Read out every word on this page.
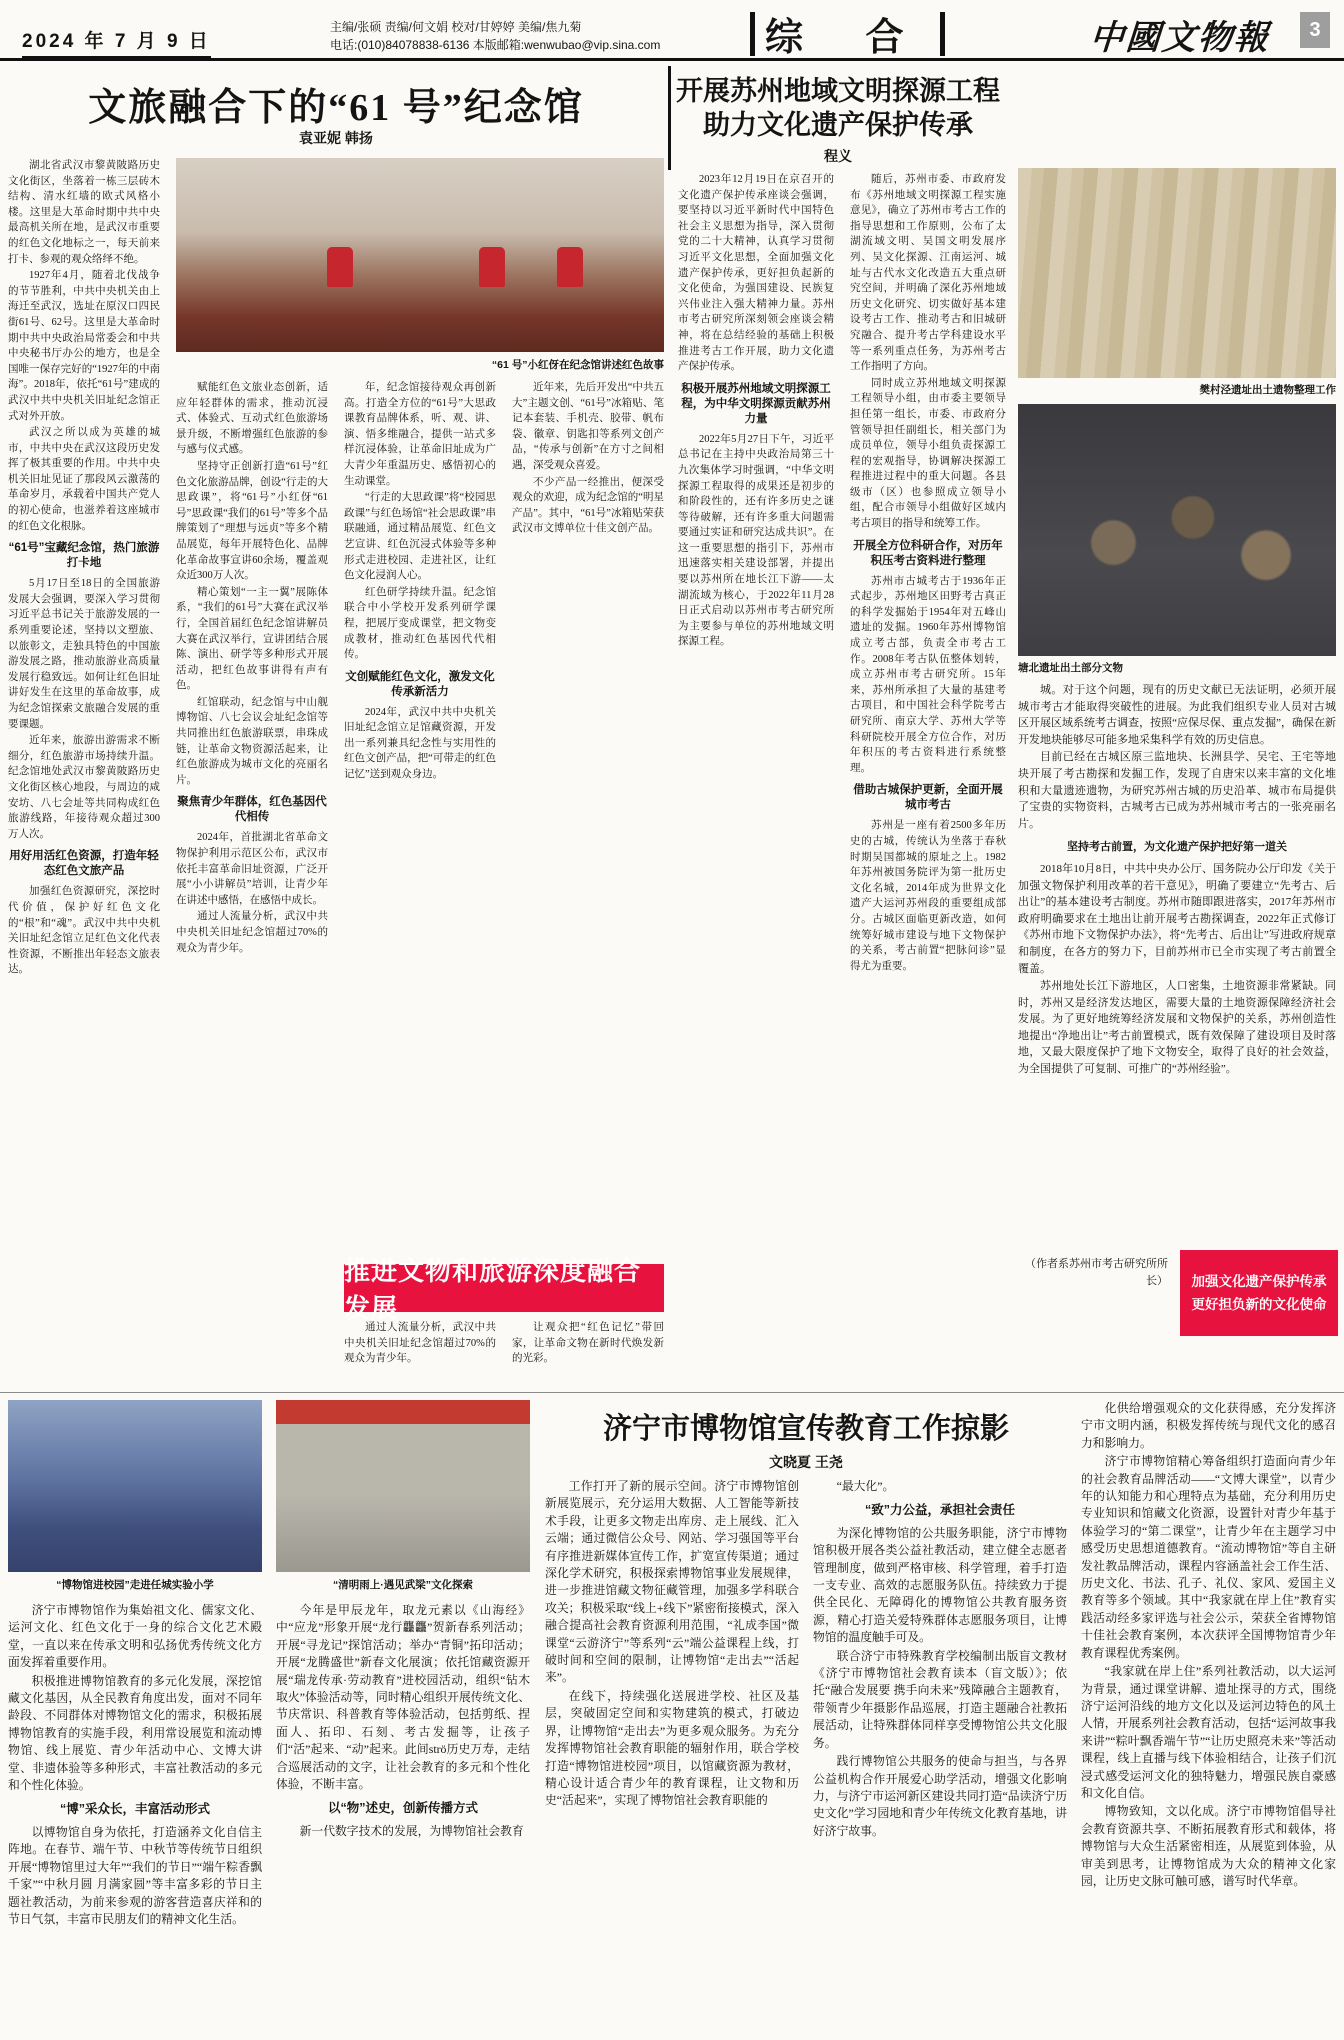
2024 年 7 月 9 日
主编/张硕 责编/何文娟 校对/甘婷婷 美编/焦九菊
电话:(010)84078838-6136 本版邮箱:wenwubao@vip.sina.com	综 合	中國文物報	3
文旅融合下的“61 号”纪念馆
袁亚妮 韩扬

湖北省武汉市黎黄陂路历史文化街区，坐落着一栋三层砖木结构、清水红墙的欧式风格小楼。这里是大革命时期中共中央最高机关所在地，是武汉市重要的红色文化地标之一，每天前来打卡、参观的观众络绎不绝。

1927年4月，随着北伐战争的节节胜利，中共中央机关由上海迁至武汉，选址在原汉口四民街61号、62号。这里是大革命时期中共中央政治局常委会和中共中央秘书厅办公的地方，也是全国唯一保存完好的“1927年的中南海”。2018年，依托“61号”建成的武汉中共中央机关旧址纪念馆正式对外开放。

武汉之所以成为英雄的城市，中共中央在武汉这段历史发挥了极其重要的作用。中共中央机关旧址见证了那段风云激荡的革命岁月，承载着中国共产党人的初心使命，也滋养着这座城市的红色文化根脉。

“61号”宝藏纪念馆，热门旅游打卡地

5月17日至18日的全国旅游发展大会强调，要深入学习贯彻习近平总书记关于旅游发展的一系列重要论述，坚持以文塑旅、以旅彰文，走独具特色的中国旅游发展之路，推动旅游业高质量发展行稳致远。如何让红色旧址讲好发生在这里的革命故事，成为纪念馆探索文旅融合发展的重要课题。

近年来，旅游出游需求不断细分，红色旅游市场持续升温。纪念馆地处武汉市黎黄陂路历史文化街区核心地段，与周边的咸安坊、八七会址等共同构成红色旅游线路，年接待观众超过300万人次。

用好用活红色资源，打造年轻态红色文旅产品

加强红色资源研究，深挖时代价值，保护好红色文化的“根”和“魂”。武汉中共中央机关旧址纪念馆立足红色文化代表性资源，不断推出年轻态文旅表达。

“61 号”小红伢在纪念馆讲述红色故事

赋能红色文旅业态创新，适应年轻群体的需求，推动沉浸式、体验式、互动式红色旅游场景升级，不断增强红色旅游的参与感与仪式感。

坚持守正创新打造“61号”红色文化旅游品牌，创设“行走的大思政课”，将“61号”小红伢“61号”思政课“我们的61号”等多个品牌策划了“理想与远贞”等多个精品展览，每年开展特色化、品牌化革命故事宣讲60余场，覆盖观众近300万人次。

精心策划“一主一翼”展陈体系，“我们的61号”大赛在武汉举行，全国首届红色纪念馆讲解员大赛在武汉举行，宣讲团结合展陈、演出、研学等多种形式开展活动，把红色故事讲得有声有色。

红馆联动，纪念馆与中山舰博物馆、八七会议会址纪念馆等共同推出红色旅游联票，串珠成链，让革命文物资源活起来，让红色旅游成为城市文化的亮丽名片。

聚焦青少年群体，红色基因代代相传

2024年，首批湖北省革命文物保护利用示范区公布，武汉市依托丰富革命旧址资源，广泛开展“小小讲解员”培训，让青少年在讲述中感悟，在感悟中成长。

通过人流量分析，武汉中共中央机关旧址纪念馆超过70%的观众为青少年。

年，纪念馆接待观众再创新高。打造全方位的“61号”大思政课教育品牌体系，听、观、讲、演、悟多维融合，提供一站式多样沉浸体验，让革命旧址成为广大青少年重温历史、感悟初心的生动课堂。

“行走的大思政课”将“校园思政课”与红色场馆“社会思政课”串联融通，通过精品展览、红色文艺宣讲、红色沉浸式体验等多种形式走进校园、走进社区，让红色文化浸润人心。

红色研学持续升温。纪念馆联合中小学校开发系列研学课程，把展厅变成课堂，把文物变成教材，推动红色基因代代相传。

文创赋能红色文化，激发文化传承新活力

2024年，武汉中共中央机关旧址纪念馆立足馆藏资源，开发出一系列兼具纪念性与实用性的红色文创产品，把“可带走的红色记忆”送到观众身边。

近年来，先后开发出“中共五大”主题文创、“61号”冰箱贴、笔记本套装、手机壳、胶带、帆布袋、徽章、钥匙扣等系列文创产品，“传承与创新”在方寸之间相遇，深受观众喜爱。

不少产品一经推出，便深受观众的欢迎，成为纪念馆的“明星产品”。其中，“61号”冰箱贴荣获武汉市文博单位十佳文创产品。

推进文物和旅游深度融合发展

通过人流量分析，武汉中共中央机关旧址纪念馆超过70%的观众为青少年。

让观众把“红色记忆”带回家，让革命文物在新时代焕发新的光彩。

开展苏州地域文明探源工程
助力文化遗产保护传承
程义

2023年12月19日在京召开的文化遗产保护传承座谈会强调，要坚持以习近平新时代中国特色社会主义思想为指导，深入贯彻党的二十大精神，认真学习贯彻习近平文化思想，全面加强文化遗产保护传承，更好担负起新的文化使命，为强国建设、民族复兴伟业注入强大精神力量。苏州市考古研究所深刻领会座谈会精神，将在总结经验的基础上积极推进考古工作开展，助力文化遗产保护传承。

积极开展苏州地域文明探源工程，为中华文明探源贡献苏州力量

2022年5月27日下午，习近平总书记在主持中央政治局第三十九次集体学习时强调，“中华文明探源工程取得的成果还是初步的和阶段性的，还有许多历史之谜等待破解，还有许多重大问题需要通过实证和研究达成共识”。在这一重要思想的指引下，苏州市迅速落实相关建设部署，并提出要以苏州所在地长江下游——太湖流域为核心，于2022年11月28日正式启动以苏州市考古研究所为主要参与单位的苏州地域文明探源工程。

随后，苏州市委、市政府发布《苏州地域文明探源工程实施意见》，确立了苏州市考古工作的指导思想和工作原则，公布了太湖流域文明、吴国文明发展序列、吴文化探源、江南运河、城址与古代水文化改造五大重点研究空间，并明确了深化苏州地域历史文化研究、切实做好基本建设考古工作、推动考古和旧城研究融合、提升考古学科建设水平等一系列重点任务，为苏州考古工作指明了方向。

同时成立苏州地域文明探源工程领导小组，由市委主要领导担任第一组长，市委、市政府分管领导担任副组长，相关部门为成员单位，领导小组负责探源工程的宏观指导，协调解决探源工程推进过程中的重大问题。各县级市（区）也参照成立领导小组，配合市领导小组做好区域内考古项目的指导和统筹工作。

开展全方位科研合作，对历年积压考古资料进行整理

苏州市古城考古于1936年正式起步，苏州地区田野考古真正的科学发掘始于1954年对五峰山遗址的发掘。1960年苏州博物馆成立考古部，负责全市考古工作。2008年考古队伍整体划转，成立苏州市考古研究所。15年来，苏州所承担了大量的基建考古项目，和中国社会科学院考古研究所、南京大学、苏州大学等科研院校开展全方位合作，对历年积压的考古资料进行系统整理。

借助古城保护更新，全面开展城市考古

苏州是一座有着2500多年历史的古城，传统认为坐落于春秋时期吴国都城的原址之上。1982年苏州被国务院评为第一批历史文化名城，2014年成为世界文化遗产大运河苏州段的重要组成部分。古城区面临更新改造，如何统筹好城市建设与地下文物保护的关系，考古前置“把脉问诊”显得尤为重要。

樊村泾遗址出土遗物整理工作
塘北遗址出土部分文物

城。对于这个问题，现有的历史文献已无法证明，必须开展城市考古才能取得突破性的进展。为此我们组织专业人员对古城区开展区域系统考古调查，按照“应保尽保、重点发掘”，确保在新开发地块能够尽可能多地采集科学有效的历史信息。

目前已经在古城区原三监地块、长洲县学、吴宅、王宅等地块开展了考古勘探和发掘工作，发现了自唐宋以来丰富的文化堆积和大量遗迹遗物，为研究苏州古城的历史沿革、城市布局提供了宝贵的实物资料，古城考古已成为苏州城市考古的一张亮丽名片。

坚持考古前置，为文化遗产保护把好第一道关

2018年10月8日，中共中央办公厅、国务院办公厅印发《关于加强文物保护利用改革的若干意见》，明确了要建立“先考古、后出让”的基本建设考古制度。苏州市随即跟进落实，2017年苏州市政府明确要求在土地出让前开展考古勘探调查，2022年正式修订《苏州市地下文物保护办法》，将“先考古、后出让”写进政府规章和制度，在各方的努力下，目前苏州市已全市实现了考古前置全覆盖。

苏州地处长江下游地区，人口密集，土地资源非常紧缺。同时，苏州又是经济发达地区，需要大量的土地资源保障经济社会发展。为了更好地统筹经济发展和文物保护的关系，苏州创造性地提出“净地出让”考古前置模式，既有效保障了建设项目及时落地，又最大限度保护了地下文物安全，取得了良好的社会效益，为全国提供了可复制、可推广的“苏州经验”。

（作者系苏州市考古研究所所长）	加强文化遗产保护传承
更好担负新的文化使命
“博物馆进校园”走进任城实验小学	“清明雨上·遇见武梁”文化探索
济宁市博物馆宣传教育工作掠影
文晓夏 王尧

济宁市博物馆作为集始祖文化、儒家文化、运河文化、红色文化于一身的综合文化艺术殿堂，一直以来在传承文明和弘扬优秀传统文化方面发挥着重要作用。

积极推进博物馆教育的多元化发展，深挖馆藏文化基因，从全民教育角度出发，面对不同年龄段、不同群体对博物馆文化的需求，积极拓展博物馆教育的实施手段，利用常设展览和流动博物馆、线上展览、青少年活动中心、文博大讲堂、非遗体验等多种形式，丰富社教活动的多元和个性化体验。

“博”采众长，丰富活动形式

以博物馆自身为依托，打造涵养文化自信主阵地。在春节、端午节、中秋节等传统节日组织开展“博物馆里过大年”“我们的节日”“端午粽香飘千家”“中秋月圆 月满家圆”等丰富多彩的节日主题社教活动，为前来参观的游客营造喜庆祥和的节日气氛，丰富市民朋友们的精神文化生活。

今年是甲辰龙年，取龙元素以《山海经》中“应龙”形象开展“龙行龘龘”贺新春系列活动；开展“寻龙记”探馆活动；举办“青铜”拓印活动；开展“龙腾盛世”新春文化展演；依托馆藏资源开展“瑞龙传承·劳动教育”进校园活动，组织“钻木取火”体验活动等，同时精心组织开展传统文化、节庆常识、科普教育等体验活动，包括剪纸、捏面人、拓印、石刻、考古发掘等，让孩子们“活”起来、“动”起来。此间strö历史万寿，走结合巡展活动的文字，让社会教育的多元和个性化体验，不断丰富。

以“物”述史，创新传播方式

新一代数字技术的发展，为博物馆社会教育

工作打开了新的展示空间。济宁市博物馆创新展览展示，充分运用大数据、人工智能等新技术手段，让更多文物走出库房、走上展线、汇入云端；通过微信公众号、网站、学习强国等平台有序推进新媒体宣传工作，扩宽宣传渠道；通过深化学术研究，积极探索博物馆事业发展规律，进一步推进馆藏文物征藏管理，加强多学科联合攻关；积极采取“线上+线下”紧密衔接模式，深入融合提高社会教育资源利用范围，“礼成李国”微课堂“云游济宁”等系列“云”端公益课程上线，打破时间和空间的限制，让博物馆“走出去”“活起来”。

在线下，持续强化送展进学校、社区及基层，突破固定空间和实物建筑的模式，打破边界，让博物馆“走出去”为更多观众服务。为充分发挥博物馆社会教育职能的辐射作用，联合学校打造“博物馆进校园”项目，以馆藏资源为教材，精心设计适合青少年的教育课程，让文物和历史“活起来”，实现了博物馆社会教育职能的

“最大化”。

“致”力公益，承担社会责任

为深化博物馆的公共服务职能，济宁市博物馆积极开展各类公益社教活动，建立健全志愿者管理制度，做到严格审核、科学管理，着手打造一支专业、高效的志愿服务队伍。持续致力于提供全民化、无障碍化的博物馆公共教育服务资源，精心打造关爱特殊群体志愿服务项目，让博物馆的温度触手可及。

联合济宁市特殊教育学校编制出版盲文教材《济宁市博物馆社会教育读本（盲文版）》；依托“融合发展要 携手向未来”残障融合主题教育，带领青少年摄影作品巡展，打造主题融合社教拓展活动，让特殊群体同样享受博物馆公共文化服务。

践行博物馆公共服务的使命与担当，与各界公益机构合作开展爱心助学活动，增强文化影响力，与济宁市运河新区建设共同打造“品读济宁历史文化”学习园地和青少年传统文化教育基地，讲好济宁故事。

化供给增强观众的文化获得感，充分发挥济宁市文明内涵，积极发挥传统与现代文化的感召力和影响力。

济宁市博物馆精心筹备组织打造面向青少年的社会教育品牌活动——“文博大课堂”，以青少年的认知能力和心理特点为基础，充分利用历史专业知识和馆藏文化资源，设置针对青少年基于体验学习的“第二课堂”，让青少年在主题学习中感受历史思想道德教育。“流动博物馆”等自主研发社教品牌活动，课程内容涵盖社会工作生活、历史文化、书法、孔子、礼仪、家风、爱国主义教育等多个领域。其中“我家就在岸上住”教育实践活动经多家评选与社会公示，荣获全省博物馆十佳社会教育案例，本次获评全国博物馆青少年教育课程优秀案例。

“我家就在岸上住”系列社教活动，以大运河为背景，通过课堂讲解、遗址探寻的方式，围绕济宁运河沿线的地方文化以及运河边特色的风土人情，开展系列社会教育活动，包括“运河故事我来讲”“粽叶飘香端午节”“让历史照亮未来”等活动课程，线上直播与线下体验相结合，让孩子们沉浸式感受运河文化的独特魅力，增强民族自豪感和文化自信。

博物致知，文以化成。济宁市博物馆倡导社会教育资源共享、不断拓展教育形式和载体，将博物馆与大众生活紧密相连，从展览到体验，从审美到思考，让博物馆成为大众的精神文化家园，让历史文脉可触可感，谱写时代华章。
